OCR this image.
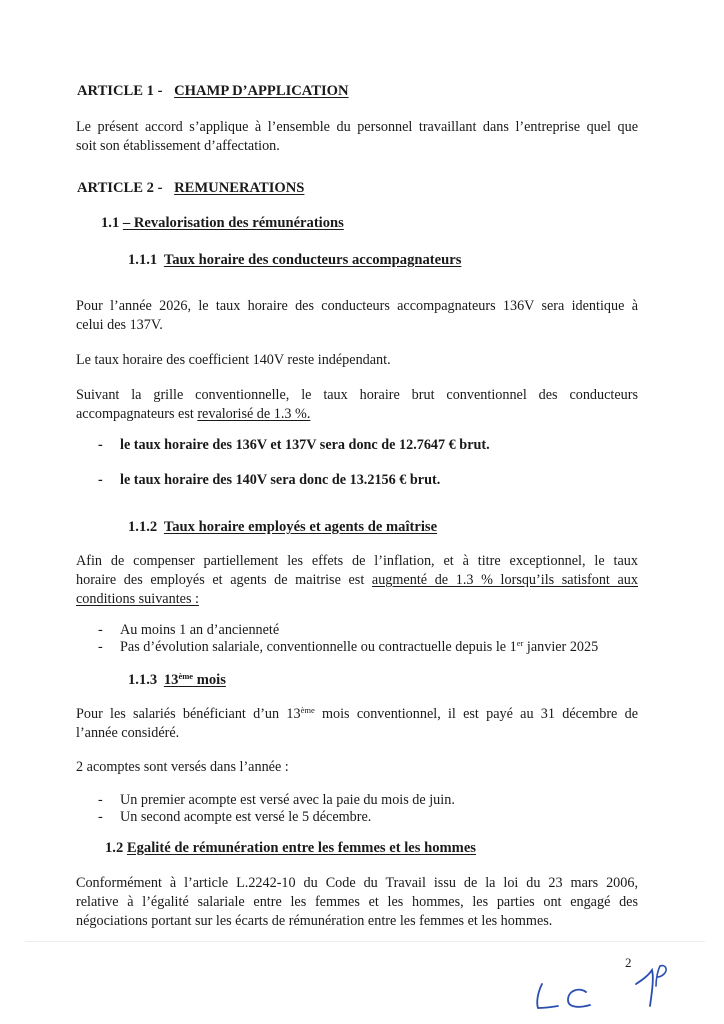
ARTICLE 1 - CHAMP D’APPLICATION
Le présent accord s’applique à l’ensemble du personnel travaillant dans l’entreprise quel que
soit son établissement d’affectation.
ARTICLE 2 - REMUNERATIONS
1.1 – Revalorisation des rémunérations
1.1.1 Taux horaire des conducteurs accompagnateurs
Pour l’année 2026, le taux horaire des conducteurs accompagnateurs 136V sera identique à
celui des 137V.
Le taux horaire des coefficient 140V reste indépendant.
Suivant la grille conventionnelle, le taux horaire brut conventionnel des conducteurs
accompagnateurs est revalorisé de 1.3 %.
- le taux horaire des 136V et 137V sera donc de 12.7647 € brut.
- le taux horaire des 140V sera donc de 13.2156 € brut.
1.1.2 Taux horaire employés et agents de maîtrise
Afin de compenser partiellement les effets de l’inflation, et à titre exceptionnel, le taux
horaire des employés et agents de maitrise est augmenté de 1.3 % lorsqu’ils satisfont aux
conditions suivantes :
- Au moins 1 an d’ancienneté
- Pas d’évolution salariale, conventionnelle ou contractuelle depuis le 1er janvier 2025
1.1.3 13ème mois
Pour les salariés bénéficiant d’un 13ème mois conventionnel, il est payé au 31 décembre de
l’année considéré.
2 acomptes sont versés dans l’année :
- Un premier acompte est versé avec la paie du mois de juin.
- Un second acompte est versé le 5 décembre.
1.2 Egalité de rémunération entre les femmes et les hommes
Conformément à l’article L.2242-10 du Code du Travail issu de la loi du 23 mars 2006,
relative à l’égalité salariale entre les femmes et les hommes, les parties ont engagé des
négociations portant sur les écarts de rémunération entre les femmes et les hommes.
2
